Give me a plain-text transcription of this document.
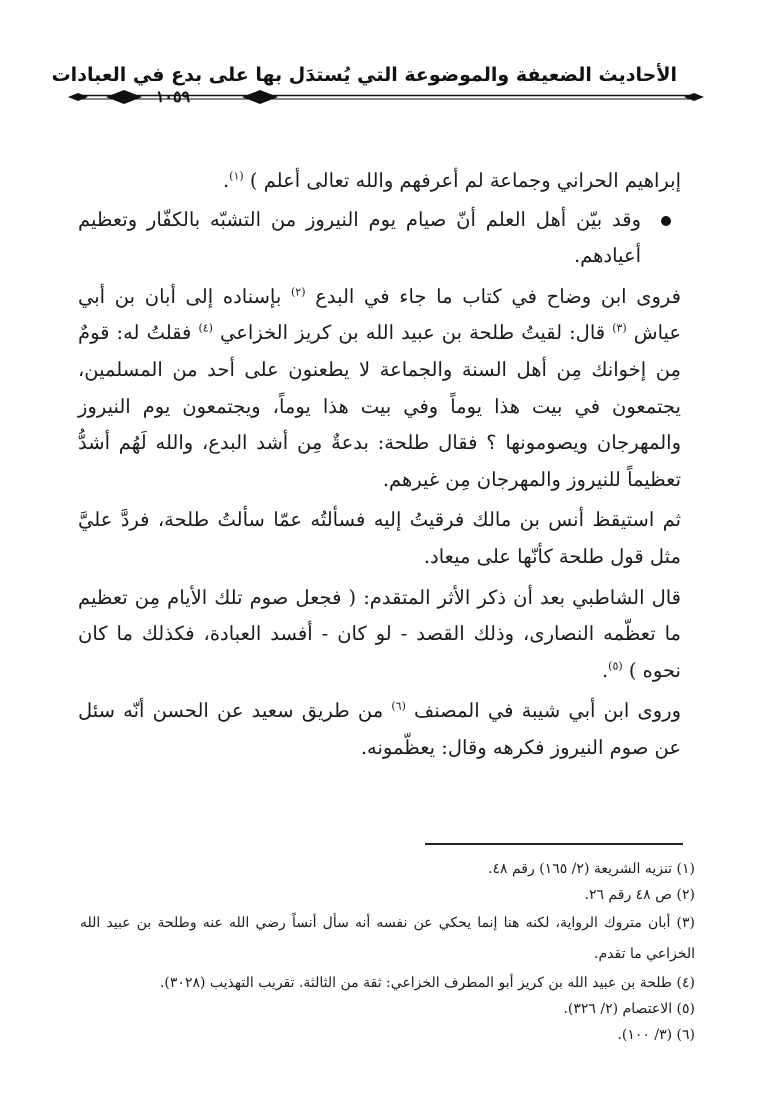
الأحاديث الضعيفة والموضوعة التي يُستدَل بها على بدع في العبادات
١٠٥٩

إبراهيم الحراني وجماعة لم أعرفهم والله تعالى أعلم ) $^{(١)}$.

وقد بيّن أهل العلم أنّ صيام يوم النيروز من التشبّه بالكفّار وتعظيم أعيادهم.

فروى ابن وضاح في كتاب ما جاء في البدع $^{(٢)}$ بإسناده إلى أبان بن أبي عياش $^{(٣)}$ قال: لقيتُ طلحة بن عبيد الله بن كريز الخزاعي $^{(٤)}$ فقلتُ له: قومٌ مِن إخوانك مِن أهل السنة والجماعة لا يطعنون على أحد من المسلمين، يجتمعون في بيت هذا يوماً وفي بيت هذا يوماً، ويجتمعون يوم النيروز والمهرجان ويصومونها ؟ فقال طلحة: بدعةٌ مِن أشد البدع، والله لَهُم أشدُّ تعظيماً للنيروز والمهرجان مِن غيرهم.

ثم استيقظ أنس بن مالك فرقيتُ إليه فسألتُه عمّا سألتُ طلحة، فردَّ عليَّ مثل قول طلحة كأنّها على ميعاد.

قال الشاطبي بعد أن ذكر الأثر المتقدم: ( فجعل صوم تلك الأيام مِن تعظيم ما تعظّمه النصارى، وذلك القصد - لو كان - أفسد العبادة، فكذلك ما كان نحوه ) $^{(٥)}$.

وروى ابن أبي شيبة في المصنف $^{(٦)}$ من طريق سعيد عن الحسن أنّه سئل عن صوم النيروز فكرهه وقال: يعظّمونه.

(١) تنزيه الشريعة (٢/ ١٦٥) رقم ٤٨.

(٢) ص ٤٨ رقم ٢٦.

(٣) أبان متروك الرواية، لكنه هنا إنما يحكي عن نفسه أنه سأل أنساً رضي الله عنه وطلحة بن عبيد الله الخزاعي ما تقدم.

(٤) طلحة بن عبيد الله بن كريز أبو المطرف الخزاعي: ثقة من الثالثة. تقريب التهذيب (٣٠٢٨).

(٥) الاعتصام (٢/ ٣٢٦).

(٦) (٣/ ١٠٠).
